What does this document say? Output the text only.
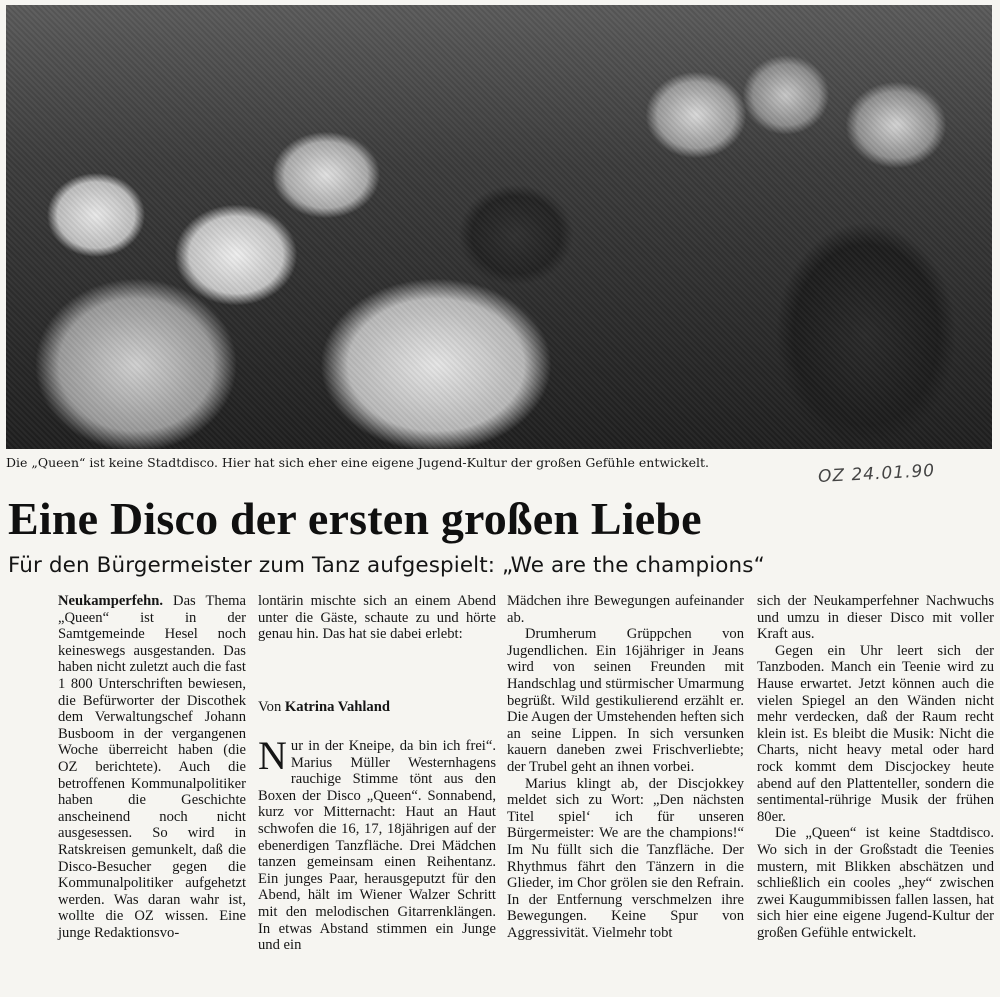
Die „Queen“ ist keine Stadtdisco. Hier hat sich eher eine eigene Jugend-Kultur der großen Gefühle entwickelt.	OZ 24.01.90
Eine Disco der ersten großen Liebe
Für den Bürgermeister zum Tanz aufgespielt: „We are the champions“

Neukamperfehn. Das Thema „Queen“ ist in der Samtgemeinde Hesel noch keineswegs ausgestanden. Das haben nicht zuletzt auch die fast 1 800 Unterschriften bewiesen, die Befürworter der Discothek dem Verwaltungschef Johann Busboom in der vergangenen Woche überreicht haben (die OZ berichtete). Auch die betroffenen Kommunalpolitiker haben die Geschichte anscheinend noch nicht ausgesessen. So wird in Ratskreisen gemunkelt, daß die Disco-Besucher gegen die Kommunalpolitiker aufgehetzt werden. Was daran wahr ist, wollte die OZ wissen. Eine junge Redaktionsvo-

lontärin mischte sich an einem Abend unter die Gäste, schaute zu und hörte genau hin. Das hat sie dabei erlebt:

Von Katrina Vahland

Nur in der Kneipe, da bin ich frei“. Marius Müller Westernhagens rauchige Stimme tönt aus den Boxen der Disco „Queen“. Sonnabend, kurz vor Mitternacht: Haut an Haut schwofen die 16, 17, 18jährigen auf der ebenerdigen Tanzfläche. Drei Mädchen tanzen gemeinsam einen Reihentanz. Ein junges Paar, herausgeputzt für den Abend, hält im Wiener Walzer Schritt mit den melodischen Gitarrenklängen. In etwas Abstand stimmen ein Junge und ein

Mädchen ihre Bewegungen aufeinander ab.

Drumherum Grüppchen von Jugendlichen. Ein 16jähriger in Jeans wird von seinen Freunden mit Handschlag und stürmischer Umarmung begrüßt. Wild gestikulierend erzählt er. Die Augen der Umstehenden heften sich an seine Lippen. In sich versunken kauern daneben zwei Frischverliebte; der Trubel geht an ihnen vorbei.

Marius klingt ab, der Discjokkey meldet sich zu Wort: „Den nächsten Titel spiel‘ ich für unseren Bürgermeister: We are the champions!“ Im Nu füllt sich die Tanzfläche. Der Rhythmus fährt den Tänzern in die Glieder, im Chor grölen sie den Refrain. In der Entfernung verschmelzen ihre Bewegungen. Keine Spur von Aggressivität. Vielmehr tobt

sich der Neukamperfehner Nachwuchs und umzu in dieser Disco mit voller Kraft aus.

Gegen ein Uhr leert sich der Tanzboden. Manch ein Teenie wird zu Hause erwartet. Jetzt können auch die vielen Spiegel an den Wänden nicht mehr verdecken, daß der Raum recht klein ist. Es bleibt die Musik: Nicht die Charts, nicht heavy metal oder hard rock kommt dem Discjockey heute abend auf den Plattenteller, sondern die sentimental-rührige Musik der frühen 80er.

Die „Queen“ ist keine Stadtdisco. Wo sich in der Großstadt die Teenies mustern, mit Blikken abschätzen und schließlich ein cooles „hey“ zwischen zwei Kaugummibissen fallen lassen, hat sich hier eine eigene Jugend-Kultur der großen Gefühle entwickelt.
